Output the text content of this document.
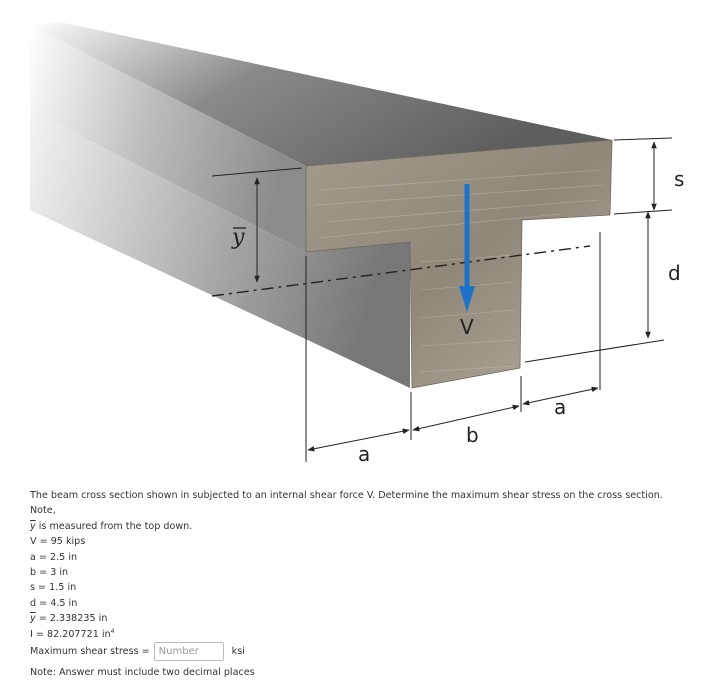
V
y
s
d
a
b
a
The beam cross section shown in subjected to an internal shear force V. Determine the maximum shear stress on the cross section. Note,
$\overline{y}$ is measured from the top down.
V = 95 kips
a = 2.5 in
b = 3 in
s = 1.5 in
d = 4.5 in
$\overline{y} = 2.338235$ in
I = 82.207721 $in^4$
Maximum shear stress =
Number	ksi
Note: Answer must include two decimal places
